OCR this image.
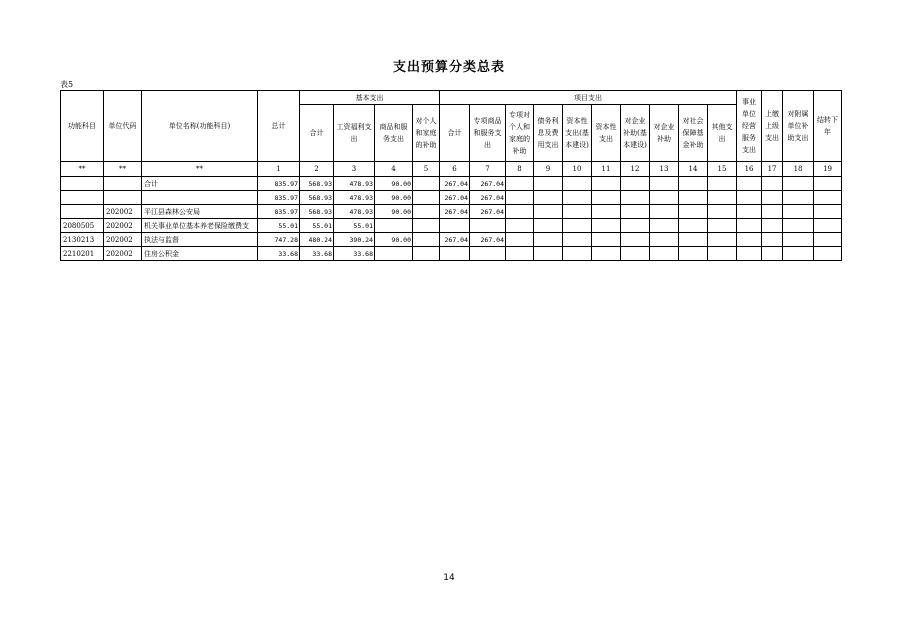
支出预算分类总表
表5
功能科目	单位代码	单位名称(功能科目)	总计	基本支出				项目支出										事业单位经营服务支出	上缴上级支出	对附属单位补助支出	结转下年
				合计	工资福利支出	商品和服务支出	对个人和家庭的补助	合计	专项商品和服务支出	专项对个人和家庭的补助	债务利息及费用支出	资本性支出(基本建设)	资本性支出	对企业补助(基本建设)	对企业补助	对社会保障基金补助	其他支出				
**	**	**	1	2	3	4	5	6	7	8	9	10	11	12	13	14	15	16	17	18	19
		合计	835.97	568.93	478.93	90.00		267.04	267.04												
			835.97	568.93	478.93	90.00		267.04	267.04												
	202002	平江县森林公安局	835.97	568.93	478.93	90.00		267.04	267.04												
2080505	202002	机关事业单位基本养老保险缴费支	55.01	55.01	55.01																
2130213	202002	执法与监督	747.28	480.24	390.24	90.00		267.04	267.04												
2210201	202002	住房公积金	33.68	33.68	33.68																
14
